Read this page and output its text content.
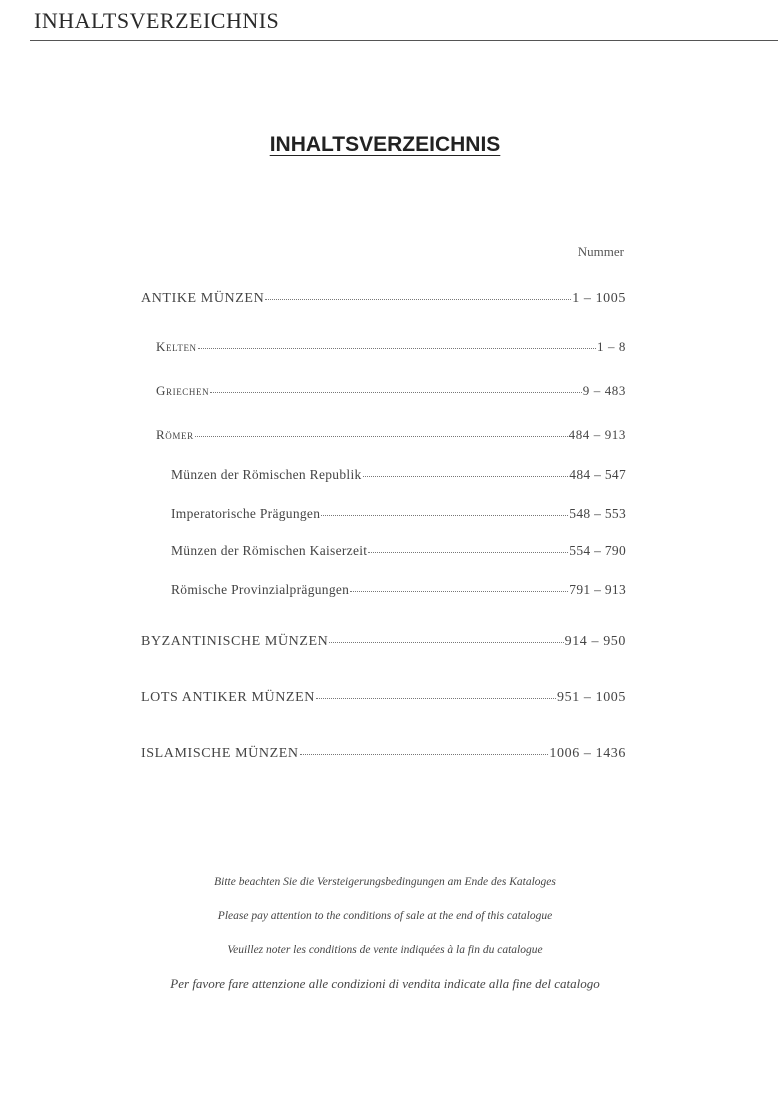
INHALTSVERZEICHNIS
INHALTSVERZEICHNIS
Nummer
ANTIKE MÜNZEN	1 – 1005
Kelten	1 – 8
Griechen	9 – 483
Römer	484 – 913
Münzen der Römischen Republik	484 – 547
Imperatorische Prägungen	548 – 553
Münzen der Römischen Kaiserzeit	554 – 790
Römische Provinzialprägungen	791 – 913
BYZANTINISCHE MÜNZEN	914 – 950
LOTS ANTIKER MÜNZEN	951 – 1005
ISLAMISCHE MÜNZEN	1006 – 1436
Bitte beachten Sie die Versteigerungsbedingungen am Ende des Kataloges
Please pay attention to the conditions of sale at the end of this catalogue
Veuillez noter les conditions de vente indiquées à la fin du catalogue
Per favore fare attenzione alle condizioni di vendita indicate alla fine del catalogo
